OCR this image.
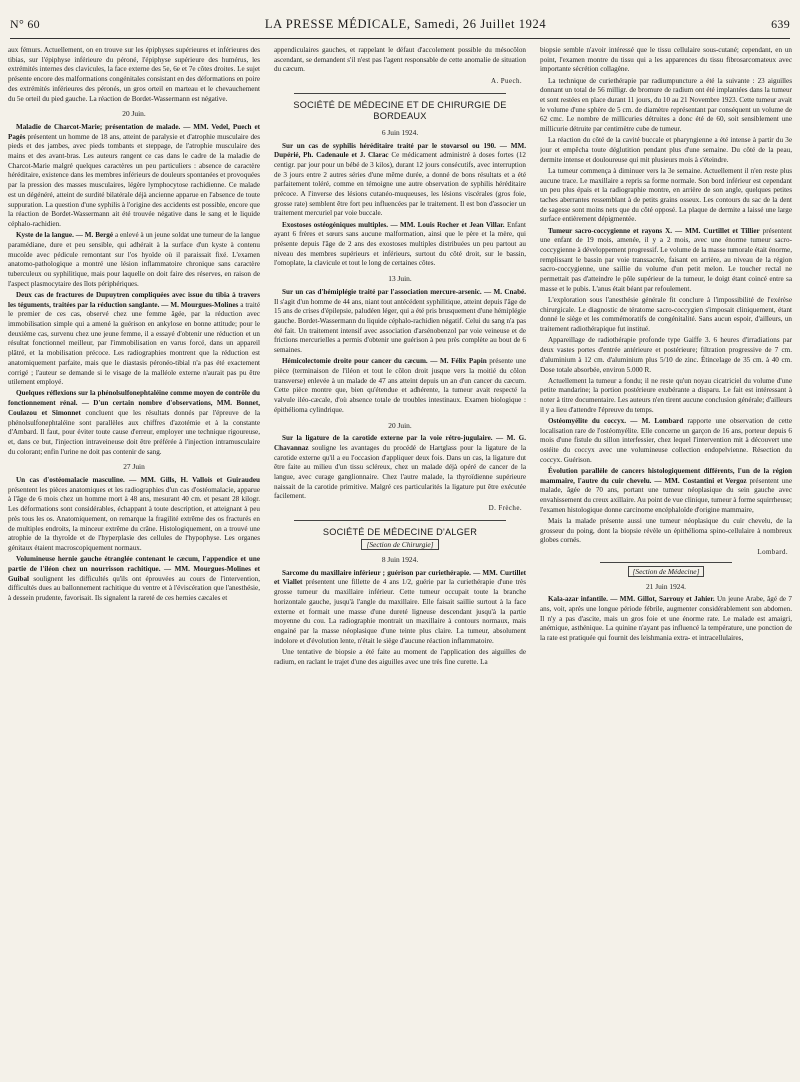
N° 60	LA PRESSE MÉDICALE, Samedi, 26 Juillet 1924	639

aux fémurs. Actuellement, on en trouve sur les épiphyses supérieures et inférieures des tibias, sur l'épiphyse inférieure du péroné, l'épiphyse supérieure des humérus, les extrémités internes des clavicules, la face externe des 5e, 6e et 7e côtes droites. Le sujet présente encore des malformations congénitales consistant en des déformations en poire des extrémités inférieures des péronés, un gros orteil en marteau et le chevauchement du 5e orteil du pied gauche. La réaction de Bordet-Wassermann est négative.

20 Juin.

Maladie de Charcot-Marie; présentation de malade. — MM. Vedel, Puech et Pagès présentent un homme de 18 ans, atteint de paralysie et d'atrophie musculaire des pieds et des jambes, avec pieds tombants et steppage, de l'atrophie musculaire des mains et des avant-bras. Les auteurs rangent ce cas dans le cadre de la maladie de Charcot-Marie malgré quelques caractères un peu particuliers : absence de caractère héréditaire, existence dans les membres inférieurs de douleurs spontanées et provoquées par la pression des masses musculaires, légère lymphocytose rachidienne. Ce malade est un dégénéré, atteint de surdité bilatérale déjà ancienne apparue en l'absence de toute suppuration. La question d'une syphilis à l'origine des accidents est possible, encore que la réaction de Bordet-Wassermann ait été trouvée négative dans le sang et le liquide céphalo-rachidien.

Kyste de la langue. — M. Bergé a enlevé à un jeune soldat une tumeur de la langue paramédiane, dure et peu sensible, qui adhérait à la surface d'un kyste à contenu mucoïde avec pédicule remontant sur l'os hyoïde où il paraissait fixé. L'examen anatomo-pathologique a montré une lésion inflammatoire chronique sans caractère tuberculeux ou syphilitique, mais pour laquelle on doit faire des réserves, en raison de l'aspect plasmocytaire des îlots périphériques.

Deux cas de fractures de Dupuytren compliquées avec issue du tibia à travers les téguments, traitées par la réduction sanglante. — M. Mourgues-Molines a traité le premier de ces cas, observé chez une femme âgée, par la réduction avec immobilisation simple qui a amené la guérison en ankylose en bonne attitude; pour le deuxième cas, survenu chez une jeune femme, il a essayé d'obtenir une réduction et un résultat fonctionnel meilleur, par l'immobilisation en varus forcé, dans un appareil plâtré, et la mobilisation précoce. Les radiographies montrent que la réduction est anatomiquement parfaite, mais que le diastasis péronéo-tibial n'a pas été exactement corrigé ; l'auteur se demande si le visage de la malléole externe n'aurait pas pu être utilement employé.

Quelques réflexions sur la phénolsulfonephtaléine comme moyen de contrôle du fonctionnement rénal. — D'un certain nombre d'observations, MM. Bonnet, Coulazou et Simonnet concluent que les résultats donnés par l'épreuve de la phénolsulfonephtaléine sont parallèles aux chiffres d'azotémie et à la constante d'Ambard. Il faut, pour éviter toute cause d'erreur, employer une technique rigoureuse, et, dans ce but, l'injection intraveineuse doit être préférée à l'injection intramusculaire du colorant; enfin l'urine ne doit pas contenir de sang.

27 Juin

Un cas d'ostéomalacie masculine. — MM. Gills, H. Vallois et Guiraudeu présentent les pièces anatomiques et les radiographies d'un cas d'ostéomalacie, apparue à l'âge de 6 mois chez un homme mort à 48 ans, mesurant 40 cm. et pesant 28 kilogr. Les déformations sont considérables, échappant à toute description, et atteignant à peu près tous les os. Anatomiquement, on remarque la fragilité extrême des os fracturés en de multiples endroits, la minceur extrême du crâne. Histologiquement, on a trouvé une atrophie de la thyroïde et de l'hyperplasie des cellules de l'hypophyse. Les organes génitaux étaient macroscopiquement normaux.

Volumineuse hernie gauche étranglée contenant le cæcum, l'appendice et une partie de l'iléon chez un nourrisson rachitique. — MM. Mourgues-Molines et Guibal soulignent les difficultés qu'ils ont éprouvées au cours de l'intervention, difficultés dues au ballonnement rachitique du ventre et à l'éviscération que l'anesthésie, à dessein prudente, favorisait. Ils signalent la rareté de ces hernies cæcales et

appendiculaires gauches, et rappelant le défaut d'accolement possible du mésocôlon ascendant, se demandent s'il n'est pas l'agent responsable de cette anomalie de situation du cæcum.

A. Puech.
SOCIÉTÉ DE MÉDECINE ET DE CHIRURGIE DE BORDEAUX
6 Juin 1924.

Sur un cas de syphilis héréditaire traité par le stovarsol ou 190. — MM. Dupérié, Ph. Cadenaule et J. Clarac Ce médicament administré à doses fortes (12 centigr. par jour pour un bébé de 3 kilos), durant 12 jours consécutifs, avec interruption de 3 jours entre 2 autres séries d'une même durée, a donné de bons résultats et a été parfaitement toléré, comme en témoigne une autre observation de syphilis héréditaire précoce. A l'inverse des lésions cutanéo-muqueuses, les lésions viscérales (gros foie, grosse rate) semblent être fort peu influencées par le traitement. Il est bon d'associer un traitement mercuriel par voie buccale.

Exostoses ostéogéniques multiples. — MM. Louis Rocher et Jean Villar. Enfant ayant 6 frères et sœurs sans aucune malformation, ainsi que le père et la mère, qui présente depuis l'âge de 2 ans des exostoses multiples distribuées un peu partout au niveau des membres supérieurs et inférieurs, surtout du côté droit, sur le bassin, l'omoplate, la clavicule et tout le long de certaines côtes.

13 Juin.

Sur un cas d'hémiplégie traité par l'association mercure-arsenic. — M. Cnabé. Il s'agit d'un homme de 44 ans, niant tout antécédent syphilitique, atteint depuis l'âge de 15 ans de crises d'épilepsie, paludéen léger, qui a été pris brusquement d'une hémiplégie gauche. Bordet-Wassermann du liquide céphalo-rachidien négatif. Celui du sang n'a pas été fait. Un traitement intensif avec association d'arsénobenzol par voie veineuse et de frictions mercurielles a permis d'obtenir une guérison à peu près complète au bout de 6 semaines.

Hémicolectomie droite pour cancer du cæcum. — M. Félix Papin présente une pièce (terminaison de l'iléon et tout le côlon droit jusque vers la moitié du côlon transverse) enlevée à un malade de 47 ans atteint depuis un an d'un cancer du cæcum. Cette pièce montre que, bien qu'étendue et adhérente, la tumeur avait respecté la valvule iléo-cæcale, d'où absence totale de troubles intestinaux. Examen biologique : épithélioma cylindrique.

20 Juin.

Sur la ligature de la carotide externe par la voie rétro-jugulaire. — M. G. Chavannaz souligne les avantages du procédé de Hartglass pour la ligature de la carotide externe qu'il a eu l'occasion d'appliquer deux fois. Dans un cas, la ligature dut être faite au milieu d'un tissu scléreux, chez un malade déjà opéré de cancer de la langue, avec curage ganglionnaire. Chez l'autre malade, la thyroïdienne supérieure naissait de la carotide primitive. Malgré ces particularités la ligature put être exécutée facilement.

D. Frèche.
SOCIÉTÉ DE MÉDECINE D'ALGER
[Section de Chirurgie]
8 Juin 1924.

Sarcome du maxillaire inférieur ; guérison par curiethérapie. — MM. Curtillet et Viallet présentent une fillette de 4 ans 1/2, guérie par la curiethérapie d'une très grosse tumeur du maxillaire inférieur. Cette tumeur occupait toute la branche horizontale gauche, jusqu'à l'angle du maxillaire. Elle faisait saillie surtout à la face externe et formait une masse d'une dureté ligneuse descendant jusqu'à la partie moyenne du cou. La radiographie montrait un maxillaire à contours normaux, mais engainé par la masse néoplasique d'une teinte plus claire. La tumeur, absolument indolore et d'évolution lente, n'était le siège d'aucune réaction inflammatoire.

Une tentative de biopsie a été faite au moment de l'application des aiguilles de radium, en raclant le trajet d'une des aiguilles avec une très fine curette. La

biopsie semble n'avoir intéressé que le tissu cellulaire sous-cutané; cependant, en un point, l'examen montre du tissu qui a les apparences du tissu fibrosarcomateux avec importante sécrétion collagène.

La technique de curiethérapie par radiumpuncture a été la suivante : 23 aiguilles donnant un total de 56 milligr. de bromure de radium ont été implantées dans la tumeur et sont restées en place durant 11 jours, du 10 au 21 Novembre 1923. Cette tumeur avait le volume d'une sphère de 5 cm. de diamètre représentant par conséquent un volume de 62 cmc. Le nombre de millicuries détruites a donc été de 60, soit sensiblement une millicurie détruite par centimètre cube de tumeur.

La réaction du côté de la cavité buccale et pharyngienne a été intense à partir du 3e jour et empêcha toute déglutition pendant plus d'une semaine. Du côté de la peau, dermite intense et douloureuse qui mit plusieurs mois à s'éteindre.

La tumeur commença à diminuer vers la 3e semaine. Actuellement il n'en reste plus aucune trace. Le maxillaire a repris sa forme normale. Son bord inférieur est cependant un peu plus épais et la radiographie montre, en arrière de son angle, quelques petites taches aberrantes ressemblant à de petits grains osseux. Les contours du sac de la dent de sagesse sont moins nets que du côté opposé. La plaque de dermite a laissé une large surface entièrement dépigmentée.

Tumeur sacro-coccygienne et rayons X. — MM. Curtillet et Tillier présentent une enfant de 19 mois, amenée, il y a 2 mois, avec une énorme tumeur sacro-coccygienne à développement progressif. Le volume de la masse tumorale était énorme, remplissant le bassin par voie transsacrée, faisant en arrière, au niveau de la région sacro-coccygienne, une saillie du volume d'un petit melon. Le toucher rectal ne permettait pas d'atteindre le pôle supérieur de la tumeur, le doigt étant coincé entre sa masse et le pubis. L'anus était béant par refoulement.

L'exploration sous l'anesthésie générale fit conclure à l'impossibilité de l'exérèse chirurgicale. Le diagnostic de tératome sacro-coccygien s'imposait cliniquement, étant donné le siège et les commémoratifs de congénitalité. Sans aucun espoir, d'ailleurs, un traitement radiothérapique fut institué.

Appareillage de radiothérapie profonde type Gaiffe 3. 6 heures d'irradiations par deux vastes portes d'entrée antérieure et postérieure; filtration progressive de 7 cm. d'aluminium à 12 cm. d'aluminium plus 5/10 de zinc. Étincelage de 35 cm. à 40 cm. Dose totale absorbée, environ 5.000 R.

Actuellement la tumeur a fondu; il ne reste qu'un noyau cicatriciel du volume d'une petite mandarine; la portion postérieure exubérante a disparu. Le fait est intéressant à noter à titre documentaire. Les auteurs n'en tirent aucune conclusion générale; d'ailleurs il y a lieu d'attendre l'épreuve du temps.

Ostéomyélite du coccyx. — M. Lombard rapporte une observation de cette localisation rare de l'ostéomyélite. Elle concerne un garçon de 16 ans, porteur depuis 6 mois d'une fistule du sillon interfessier, chez lequel l'intervention mit à découvert une ostéite du coccyx avec une volumineuse collection endopelvienne. Résection du coccyx. Guérison.

Évolution parallèle de cancers histologiquement différents, l'un de la région mammaire, l'autre du cuir chevelu. — MM. Costantini et Vergoz présentent une malade, âgée de 70 ans, portant une tumeur néoplasique du sein gauche avec envahissement du creux axillaire. Au point de vue clinique, tumeur à forme squirrheuse; l'examen histologique donne carcinome encéphaloïde d'origine mammaire,

Mais la malade présente aussi une tumeur néoplasique du cuir chevelu, de la grosseur du poing, dont la biopsie révèle un épithélioma spino-cellulaire à nombreux globes cornés.

Lombard.
[Section de Médecine]
21 Juin 1924.

Kala-azar infantile. — MM. Gillot, Sarrouy et Jahier. Un jeune Arabe, âgé de 7 ans, voit, après une longue période fébrile, augmenter considérablement son abdomen. Il n'y a pas d'ascite, mais un gros foie et une énorme rate. Le malade est amaigri, anémique, asthénique. La quinine n'ayant pas influencé la température, une ponction de la rate est pratiquée qui fournit des leishmania extra- et intracellulaires,
